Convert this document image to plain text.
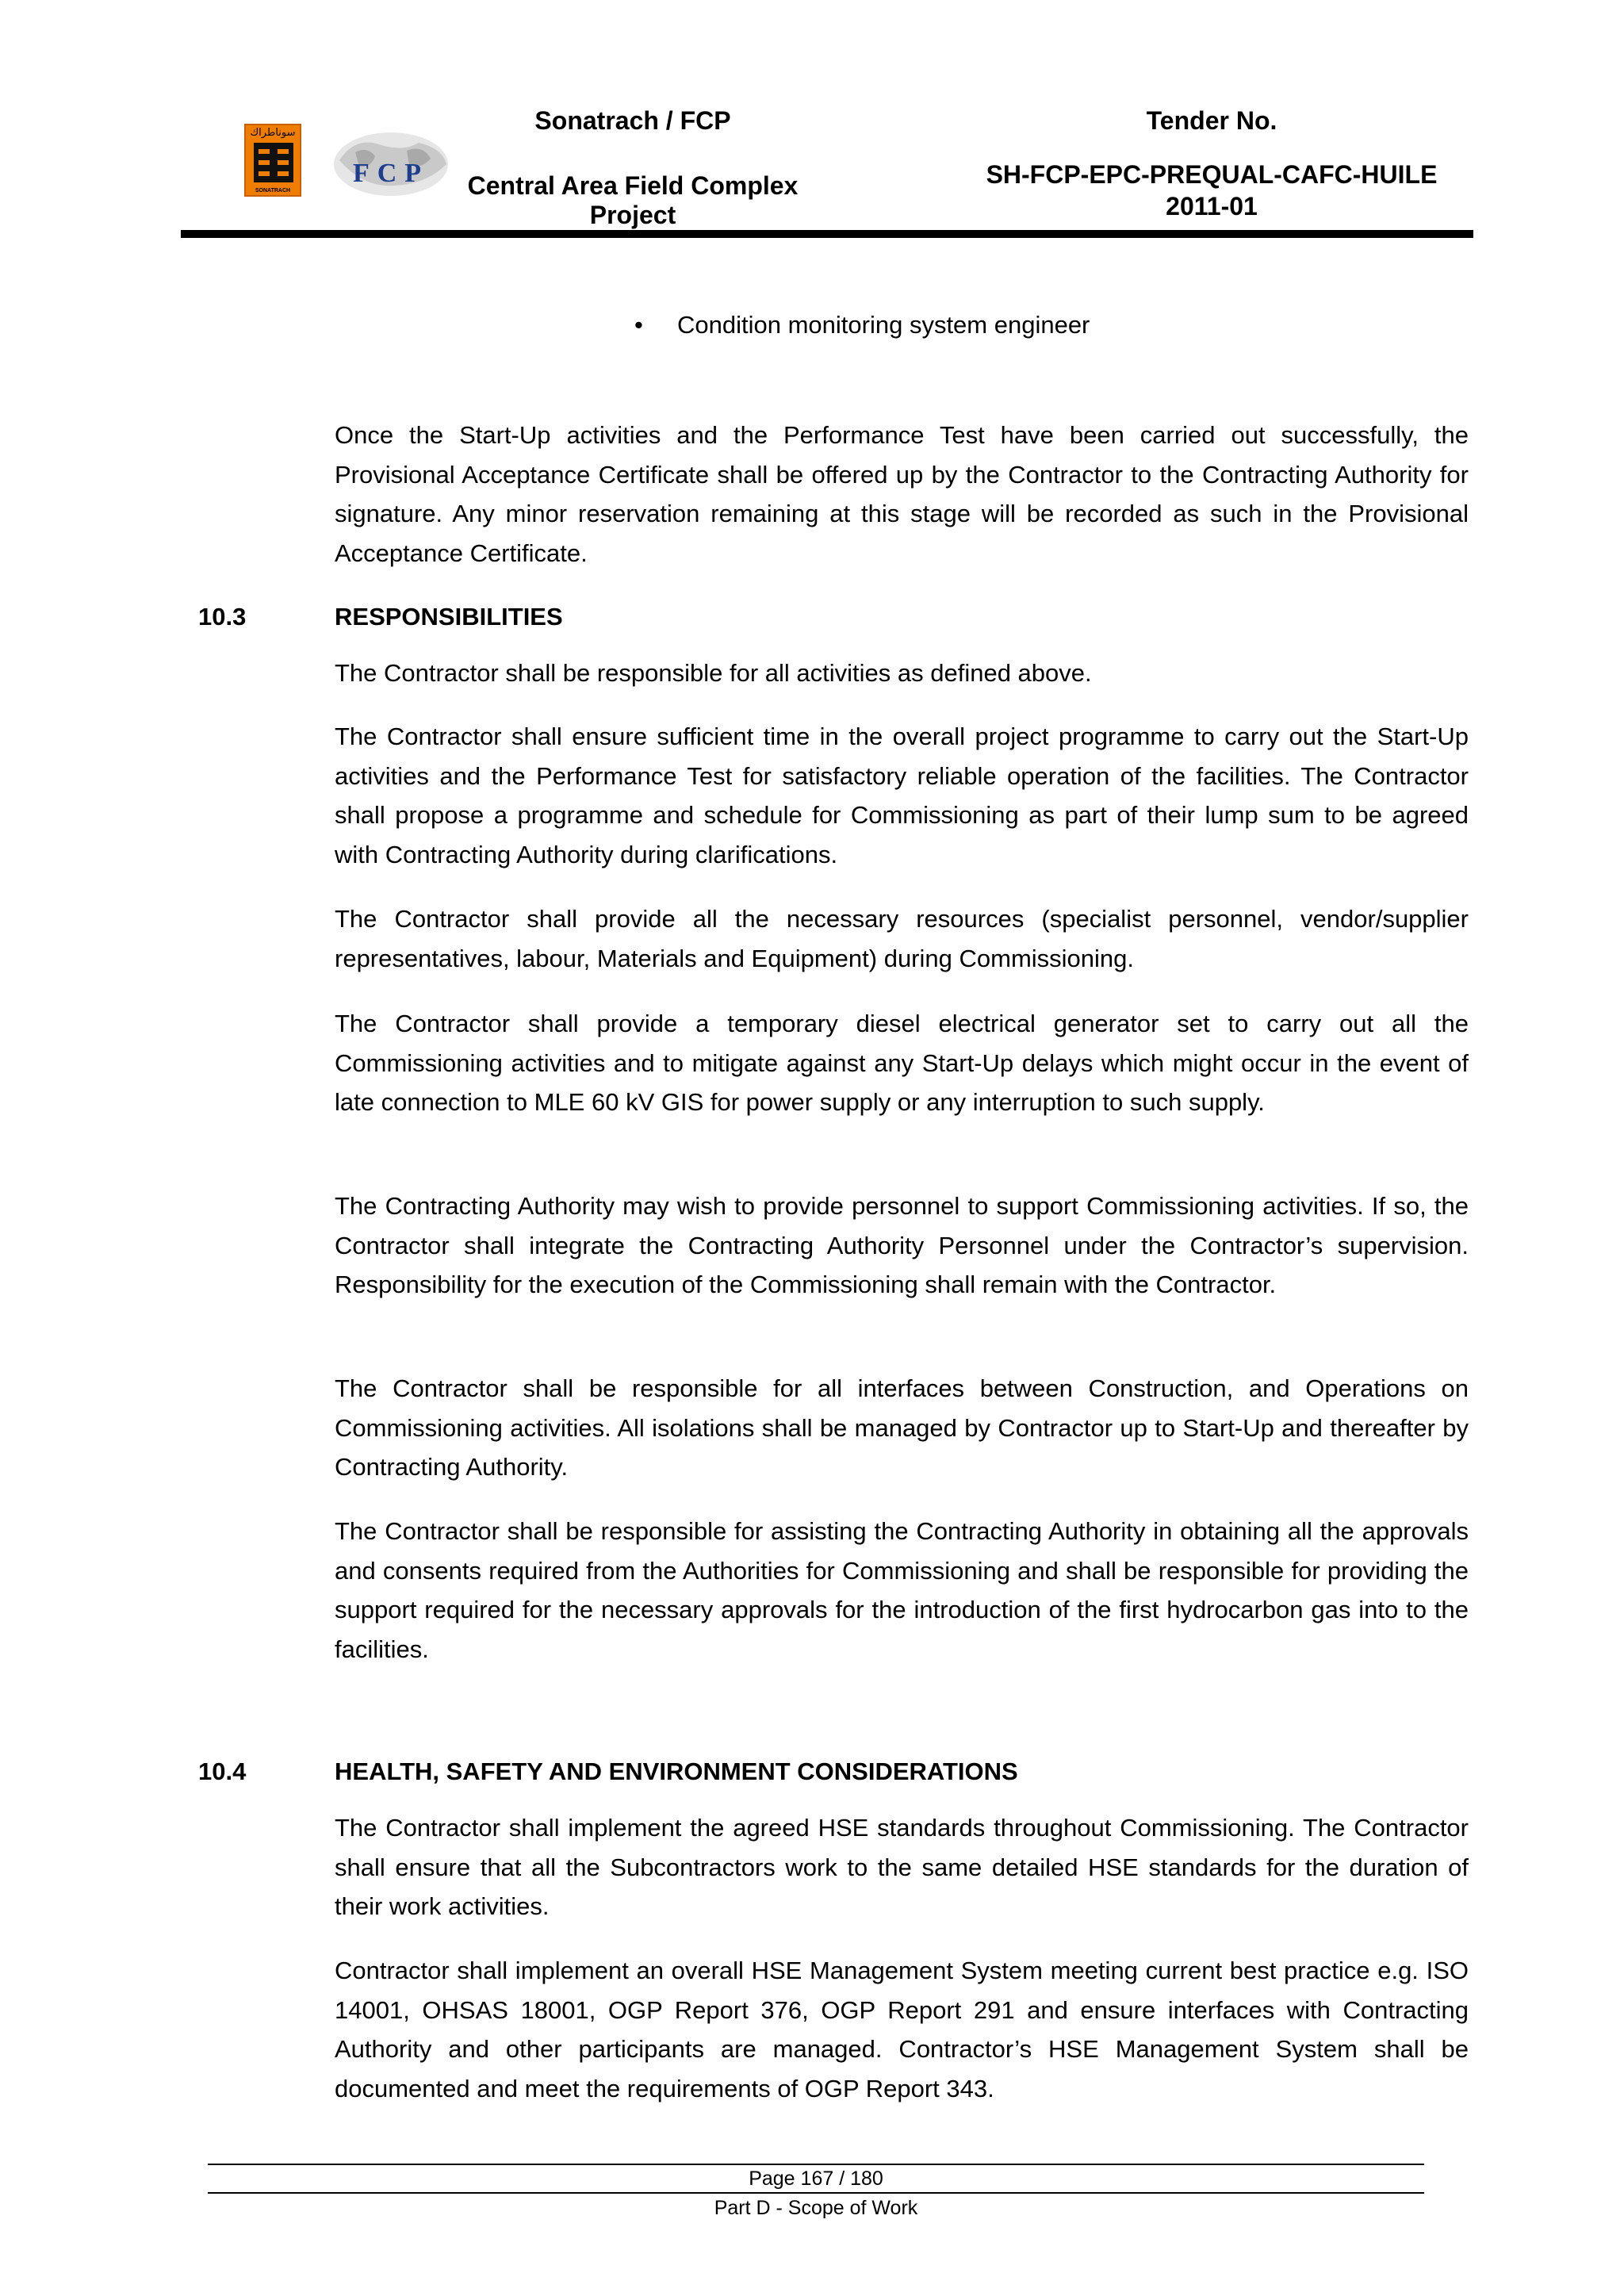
سوناطراك
SONATRACH
FCP
Sonatrach / FCP
Central Area Field Complex Project
Tender No.
SH-FCP-EPC-PREQUAL-CAFC-HUILE 2011-01
• Condition monitoring system engineer

Once the Start-Up activities and the Performance Test have been carried out successfully, the Provisional Acceptance Certificate shall be offered up by the Contractor to the Contracting Authority for signature. Any minor reservation remaining at this stage will be recorded as such in the Provisional Acceptance Certificate.

10.3	RESPONSIBILITIES

The Contractor shall be responsible for all activities as defined above.

The Contractor shall ensure sufficient time in the overall project programme to carry out the Start-Up activities and the Performance Test for satisfactory reliable operation of the facilities. The Contractor shall propose a programme and schedule for Commissioning as part of their lump sum to be agreed with Contracting Authority during clarifications.

The Contractor shall provide all the necessary resources (specialist personnel, vendor/supplier representatives, labour, Materials and Equipment) during Commissioning.

The Contractor shall provide a temporary diesel electrical generator set to carry out all the Commissioning activities and to mitigate against any Start-Up delays which might occur in the event of late connection to MLE 60 kV GIS for power supply or any interruption to such supply.

The Contracting Authority may wish to provide personnel to support Commissioning activities. If so, the Contractor shall integrate the Contracting Authority Personnel under the Contractor’s supervision. Responsibility for the execution of the Commissioning shall remain with the Contractor.

The Contractor shall be responsible for all interfaces between Construction, and Operations on Commissioning activities. All isolations shall be managed by Contractor up to Start-Up and thereafter by Contracting Authority.

The Contractor shall be responsible for assisting the Contracting Authority in obtaining all the approvals and consents required from the Authorities for Commissioning and shall be responsible for providing the support required for the necessary approvals for the introduction of the first hydrocarbon gas into to the facilities.

10.4	HEALTH, SAFETY AND ENVIRONMENT CONSIDERATIONS

The Contractor shall implement the agreed HSE standards throughout Commissioning. The Contractor shall ensure that all the Subcontractors work to the same detailed HSE standards for the duration of their work activities.

Contractor shall implement an overall HSE Management System meeting current best practice e.g. ISO 14001, OHSAS 18001, OGP Report 376, OGP Report 291 and ensure interfaces with Contracting Authority and other participants are managed. Contractor’s HSE Management System shall be documented and meet the requirements of OGP Report 343.

Page 167 / 180
Part D - Scope of Work
